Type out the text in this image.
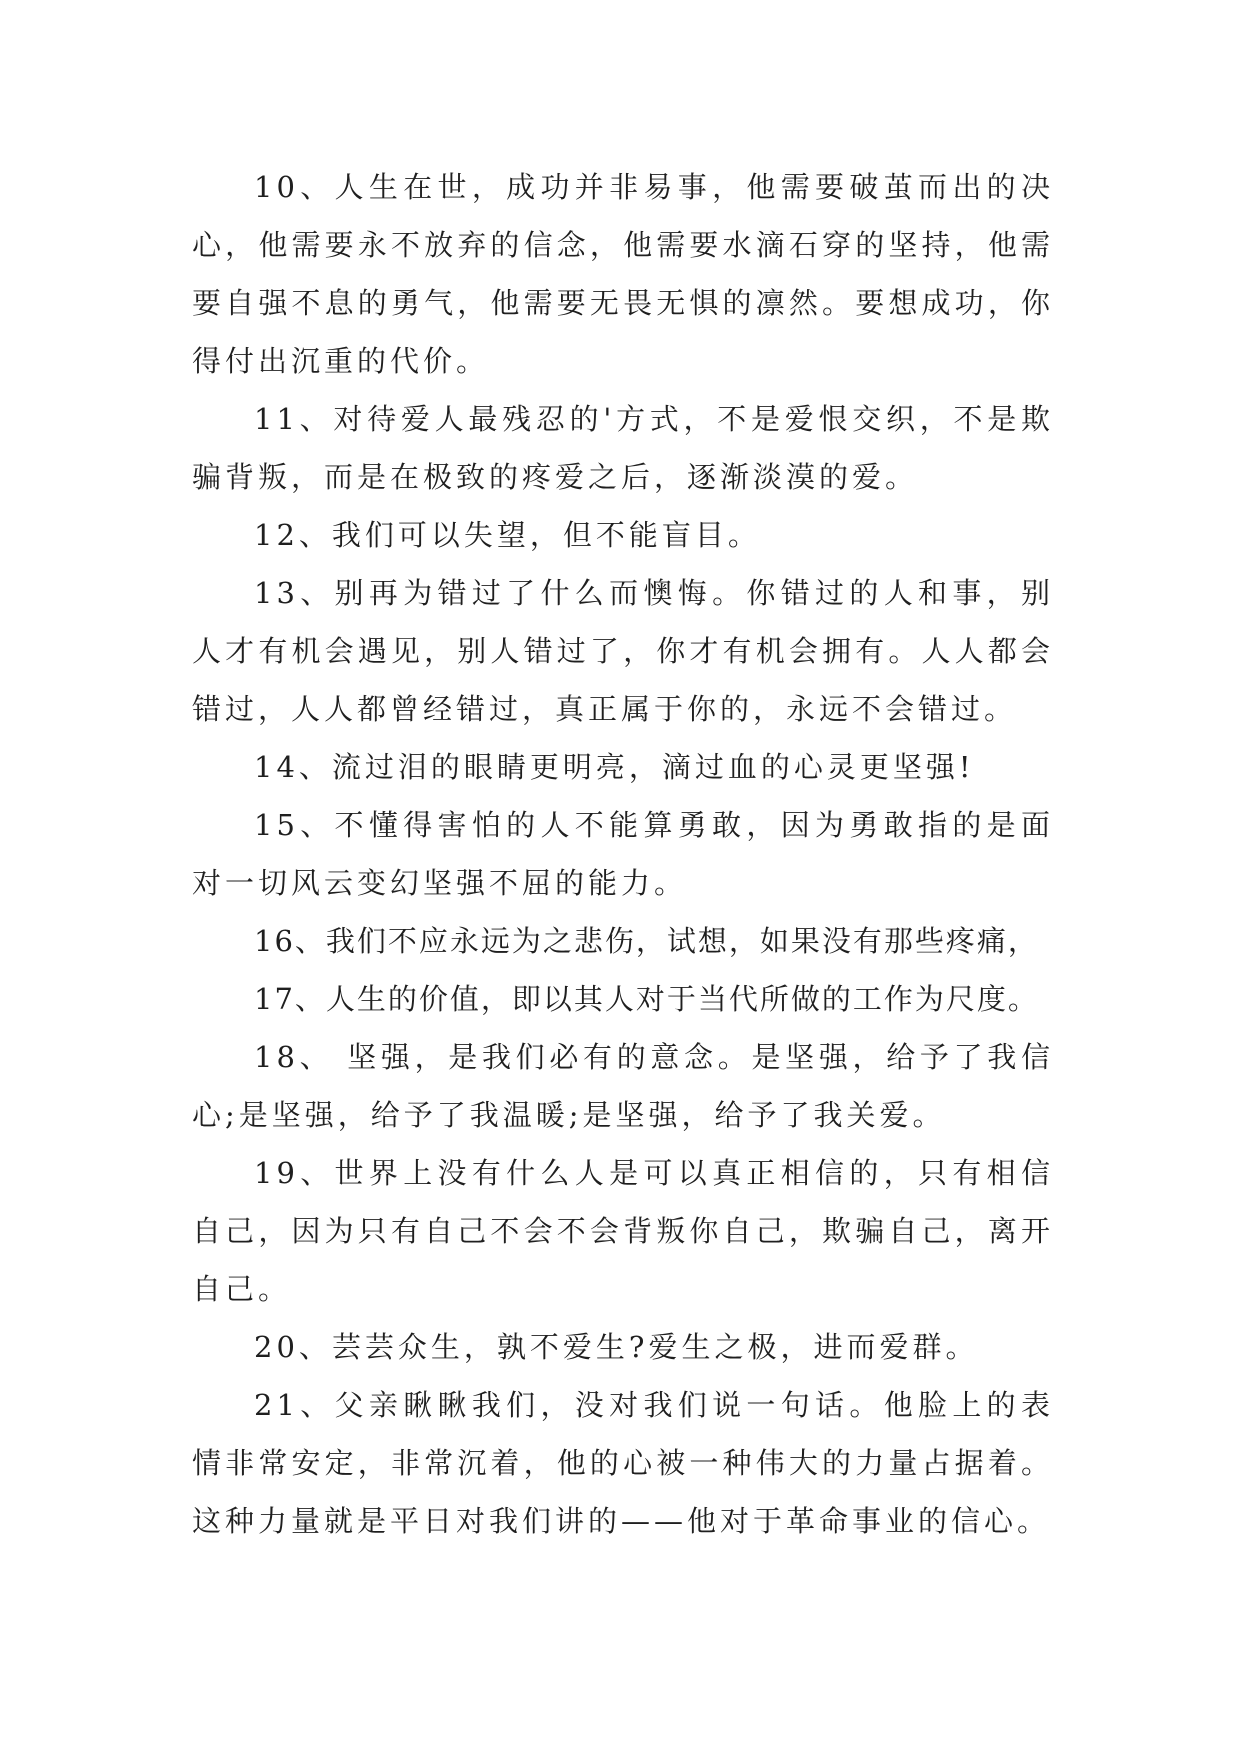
10、人生在世，成功并非易事，他需要破茧而出的决心，他需要永不放弃的信念，他需要水滴石穿的坚持，他需要自强不息的勇气，他需要无畏无惧的凛然。要想成功，你得付出沉重的代价。

11、对待爱人最残忍的'方式，不是爱恨交织，不是欺骗背叛，而是在极致的疼爱之后，逐渐淡漠的爱。

12、我们可以失望，但不能盲目。

13、别再为错过了什么而懊悔。你错过的人和事，别人才有机会遇见，别人错过了，你才有机会拥有。人人都会错过，人人都曾经错过，真正属于你的，永远不会错过。

14、流过泪的眼睛更明亮，滴过血的心灵更坚强!

15、不懂得害怕的人不能算勇敢，因为勇敢指的是面对一切风云变幻坚强不屈的能力。

16、我们不应永远为之悲伤，试想，如果没有那些疼痛，

17、人生的价值，即以其人对于当代所做的工作为尺度。

18、 坚强，是我们必有的意念。是坚强，给予了我信心;是坚强，给予了我温暖;是坚强，给予了我关爱。

19、世界上没有什么人是可以真正相信的，只有相信自己，因为只有自己不会不会背叛你自己，欺骗自己，离开自己。

20、芸芸众生，孰不爱生?爱生之极，进而爱群。

21、父亲瞅瞅我们，没对我们说一句话。他脸上的表情非常安定，非常沉着，他的心被一种伟大的力量占据着。这种力量就是平日对我们讲的——他对于革命事业的信心。
